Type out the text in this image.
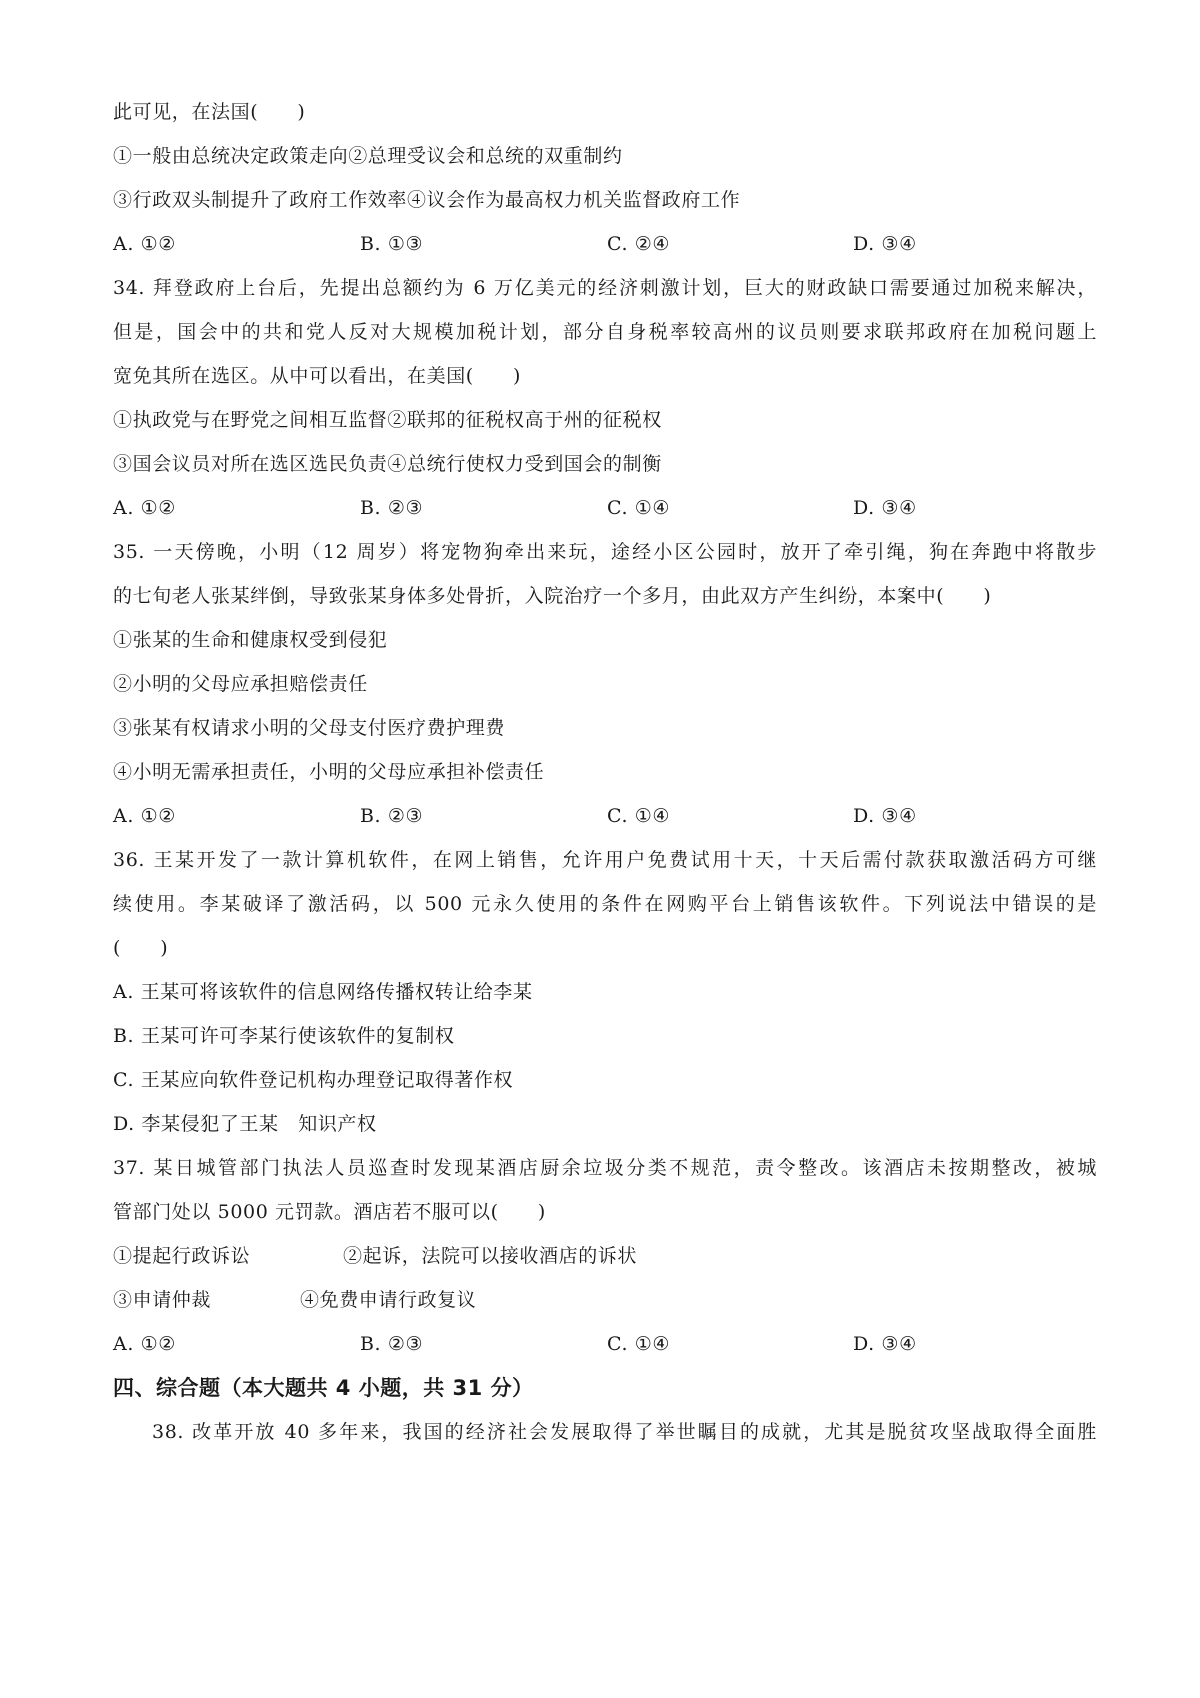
此可见，在法国(　　)
①一般由总统决定政策走向②总理受议会和总统的双重制约
③行政双头制提升了政府工作效率④议会作为最高权力机关监督政府工作
A. ①②	B. ①③	C. ②④	D. ③④
34. 拜登政府上台后，先提出总额约为 6 万亿美元的经济刺激计划，巨大的财政缺口需要通过加税来解决，
但是，国会中的共和党人反对大规模加税计划，部分自身税率较高州的议员则要求联邦政府在加税问题上
宽免其所在选区。从中可以看出，在美国(　　)
①执政党与在野党之间相互监督②联邦的征税权高于州的征税权
③国会议员对所在选区选民负责④总统行使权力受到国会的制衡
A. ①②	B. ②③	C. ①④	D. ③④
35. 一天傍晚，小明（12 周岁）将宠物狗牵出来玩，途经小区公园时，放开了牵引绳，狗在奔跑中将散步
的七旬老人张某绊倒，导致张某身体多处骨折，入院治疗一个多月，由此双方产生纠纷，本案中(　　)
①张某的生命和健康权受到侵犯
②小明的父母应承担赔偿责任
③张某有权请求小明的父母支付医疗费护理费
④小明无需承担责任，小明的父母应承担补偿责任
A. ①②	B. ②③	C. ①④	D. ③④
36. 王某开发了一款计算机软件，在网上销售，允许用户免费试用十天，十天后需付款获取激活码方可继
续使用。李某破译了激活码，以 500 元永久使用的条件在网购平台上销售该软件。下列说法中错误的是
(　　)
A. 王某可将该软件的信息网络传播权转让给李某
B. 王某可许可李某行使该软件的复制权
C. 王某应向软件登记机构办理登记取得著作权
D. 李某侵犯了王某　知识产权
37. 某日城管部门执法人员巡查时发现某酒店厨余垃圾分类不规范，责令整改。该酒店未按期整改，被城
管部门处以 5000 元罚款。酒店若不服可以(　　)
①提起行政诉讼	②起诉，法院可以接收酒店的诉状
③申请仲裁	④免费申请行政复议
A. ①②	B. ②③	C. ①④	D. ③④
四、综合题（本大题共 4 小题，共 31 分）
38. 改革开放 40 多年来，我国的经济社会发展取得了举世瞩目的成就，尤其是脱贫攻坚战取得全面胜
